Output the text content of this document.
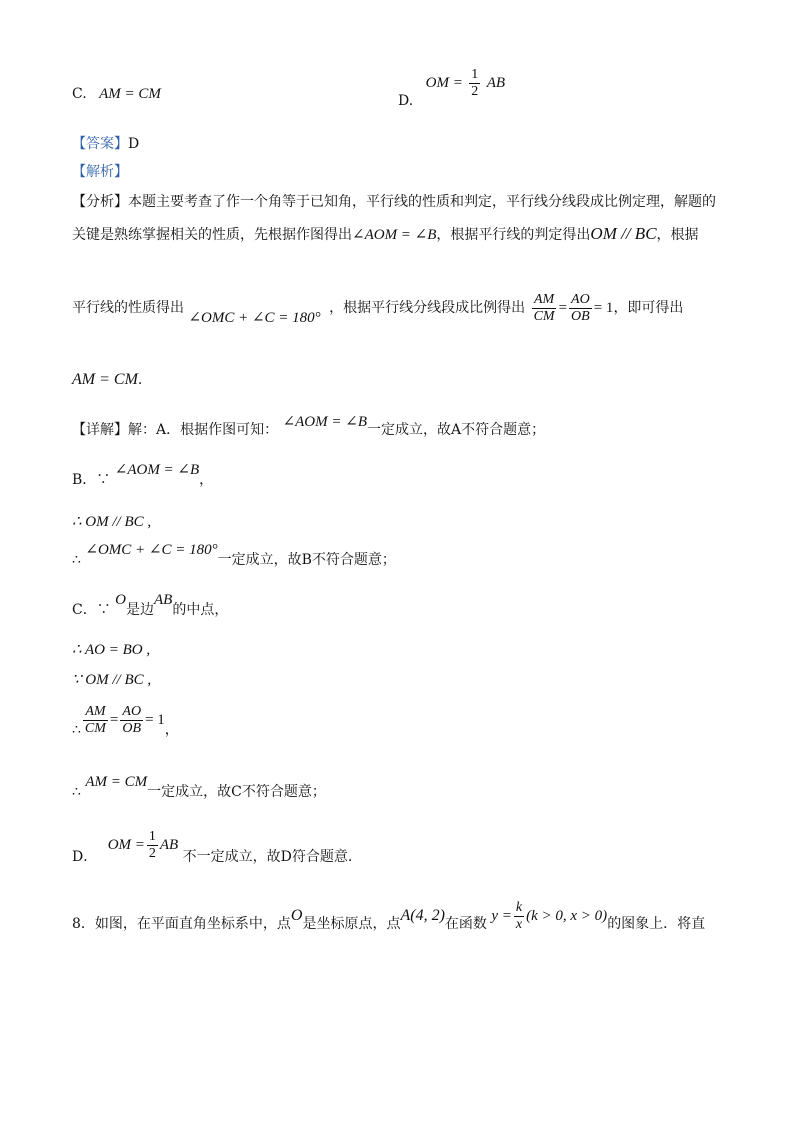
C. AM = CM	D. OM = $\frac{1}{2}$ AB
【答案】D
【解析】
【分析】本题主要考查了作一个角等于已知角，平行线的性质和判定，平行线分线段成比例定理，解题的
关键是熟练掌握相关的性质，先根据作图得出∠AOM = ∠B，根据平行线的判定得出OM // BC，根据
平行线的性质得出 ∠OMC + ∠C = 180° ，根据平行线分线段成比例得出 $\frac{AM}{CM} = \frac{AO}{OB} = 1$，即可得出
AM = CM.
【详解】解：A．根据作图可知： ∠AOM = ∠B一定成立，故A不符合题意；
B．∵ ∠AOM = ∠B，
∴ OM // BC ,
∴ ∠OMC + ∠C = 180°一定成立，故B不符合题意；
C．∵ O是边AB的中点，
∴ AO = BO ,
∵ OM // BC ,
∴ $\frac{AM}{CM} = \frac{AO}{OB} = 1$，
∴ AM = CM一定成立，故C不符合题意；
D． OM = $\frac{1}{2}$ AB 不一定成立，故D符合题意.
8．如图，在平面直角坐标系中，点O是坐标原点，点A(4, 2)在函数 $y = \frac{k}{x} (k > 0$, x > 0)的图象上．将直
